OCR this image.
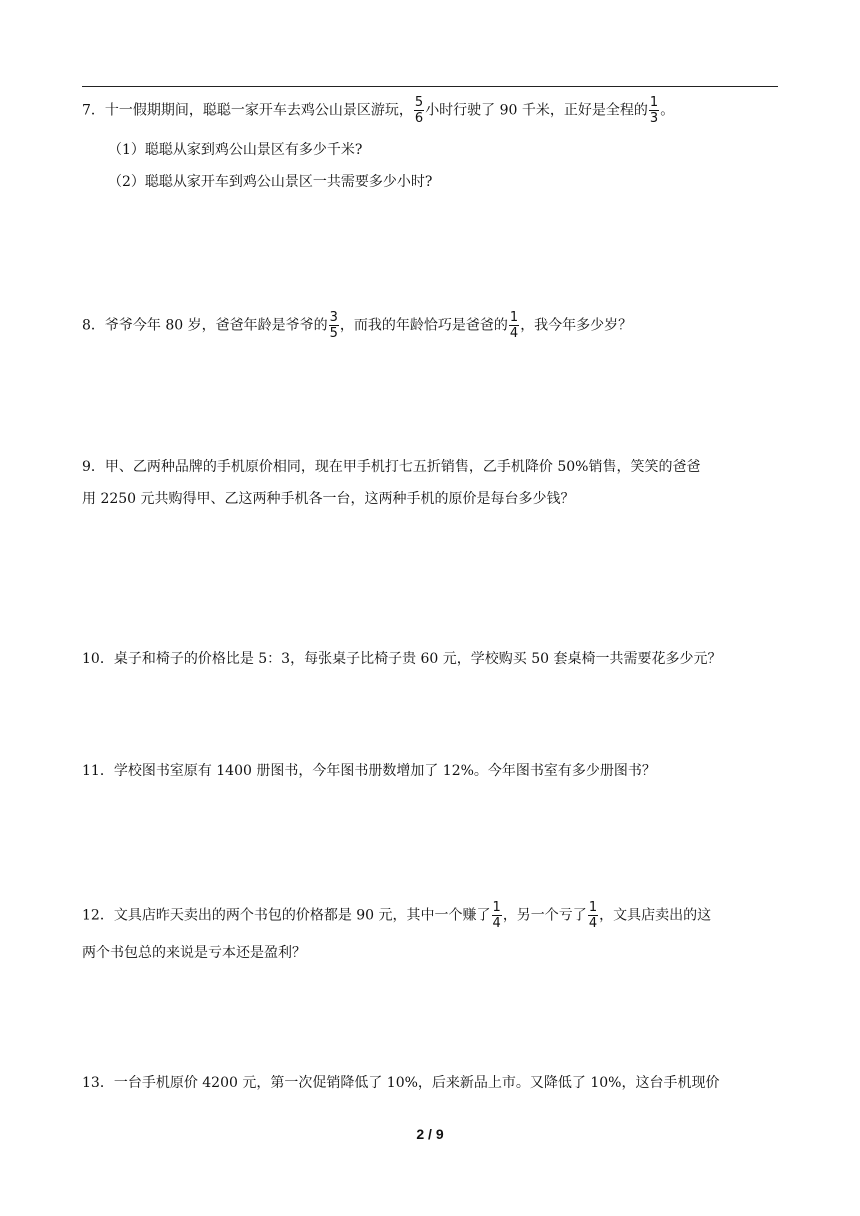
7．十一假期期间，聪聪一家开车去鸡公山景区游玩， $\frac{5}{6}$ 小时行驶了 90 千米，正好是全程的 $\frac{1}{3}$ 。
（1）聪聪从家到鸡公山景区有多少千米?
（2）聪聪从家开车到鸡公山景区一共需要多少小时?
8．爷爷今年 80 岁，爸爸年龄是爷爷的 $\frac{3}{5}$ ，而我的年龄恰巧是爸爸的 $\frac{1}{4}$ ，我今年多少岁？
9．甲、乙两种品牌的手机原价相同，现在甲手机打七五折销售，乙手机降价 50%销售，笑笑的爸爸
用 2250 元共购得甲、乙这两种手机各一台，这两种手机的原价是每台多少钱？
10．桌子和椅子的价格比是 5：3，每张桌子比椅子贵 60 元，学校购买 50 套桌椅一共需要花多少元？
11．学校图书室原有 1400 册图书，今年图书册数增加了 12%。今年图书室有多少册图书？
12．文具店昨天卖出的两个书包的价格都是 90 元，其中一个赚了 $\frac{1}{4}$ ，另一个亏了 $\frac{1}{4}$ ，文具店卖出的这
两个书包总的来说是亏本还是盈利？
13．一台手机原价 4200 元，第一次促销降低了 10%，后来新品上市。又降低了 10%，这台手机现价
2 / 9
